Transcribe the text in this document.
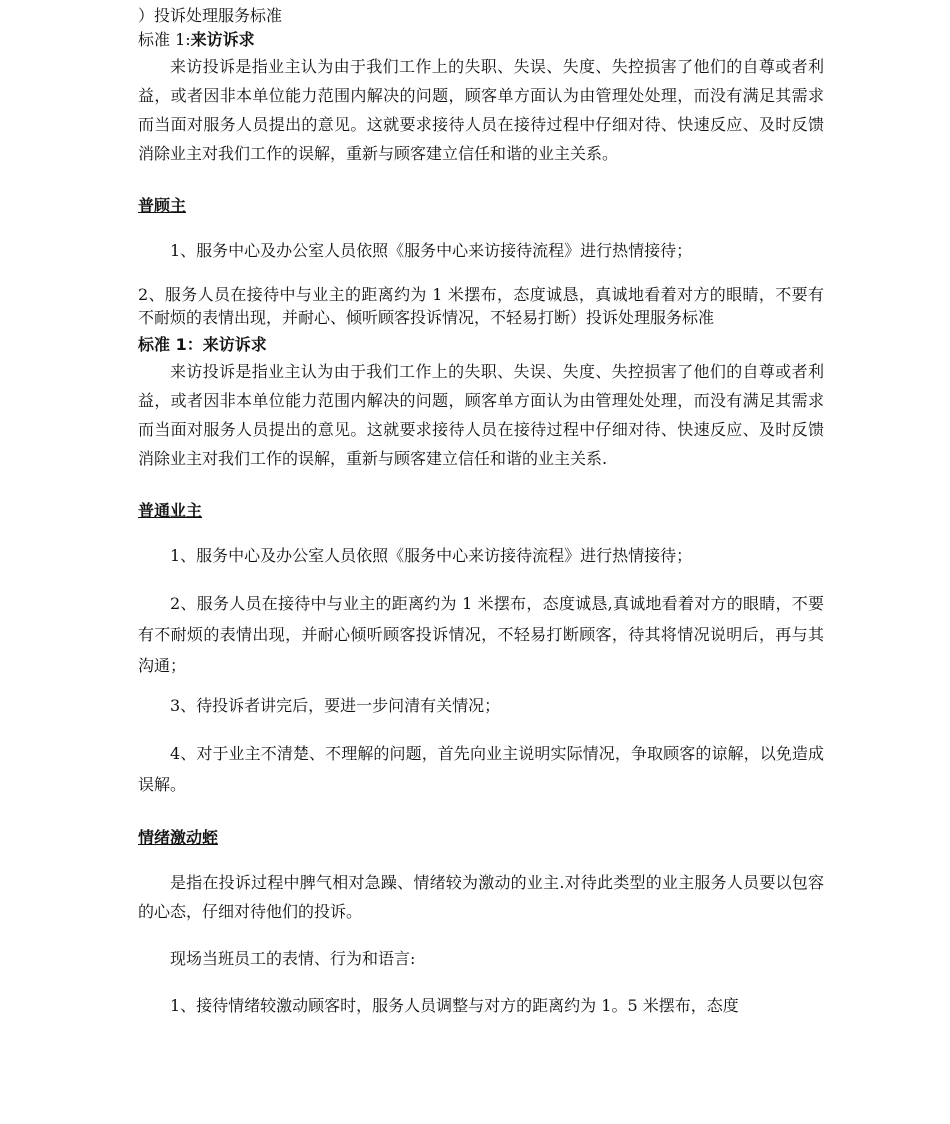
）投诉处理服务标准
标准 1:来访诉求

来访投诉是指业主认为由于我们工作上的失职、失误、失度、失控损害了他们的自尊或者利益，或者因非本单位能力范围内解决的问题，顾客单方面认为由管理处处理，而没有满足其需求而当面对服务人员提出的意见。这就要求接待人员在接待过程中仔细对待、快速反应、及时反馈消除业主对我们工作的误解，重新与顾客建立信任和谐的业主关系。

普顾主

1、服务中心及办公室人员依照《服务中心来访接待流程》进行热情接待；

2、服务人员在接待中与业主的距离约为 1 米摆布，态度诚恳，真诚地看着对方的眼睛，不要有不耐烦的表情出现，并耐心、倾听顾客投诉情况，不轻易打断）投诉处理服务标准

标准 1：来访诉求

来访投诉是指业主认为由于我们工作上的失职、失误、失度、失控损害了他们的自尊或者利益，或者因非本单位能力范围内解决的问题，顾客单方面认为由管理处处理，而没有满足其需求而当面对服务人员提出的意见。这就要求接待人员在接待过程中仔细对待、快速反应、及时反馈消除业主对我们工作的误解，重新与顾客建立信任和谐的业主关系.

普通业主

1、服务中心及办公室人员依照《服务中心来访接待流程》进行热情接待；

2、服务人员在接待中与业主的距离约为 1 米摆布，态度诚恳,真诚地看着对方的眼睛，不要有不耐烦的表情出现，并耐心倾听顾客投诉情况，不轻易打断顾客，待其将情况说明后，再与其沟通；

3、待投诉者讲完后，要进一步问清有关情况；

4、对于业主不清楚、不理解的问题，首先向业主说明实际情况，争取顾客的谅解，以免造成误解。

情绪激动蛭

是指在投诉过程中脾气相对急躁、情绪较为激动的业主.对待此类型的业主服务人员要以包容的心态，仔细对待他们的投诉。

现场当班员工的表情、行为和语言:

1、接待情绪较激动顾客时，服务人员调整与对方的距离约为 1。5 米摆布，态度
